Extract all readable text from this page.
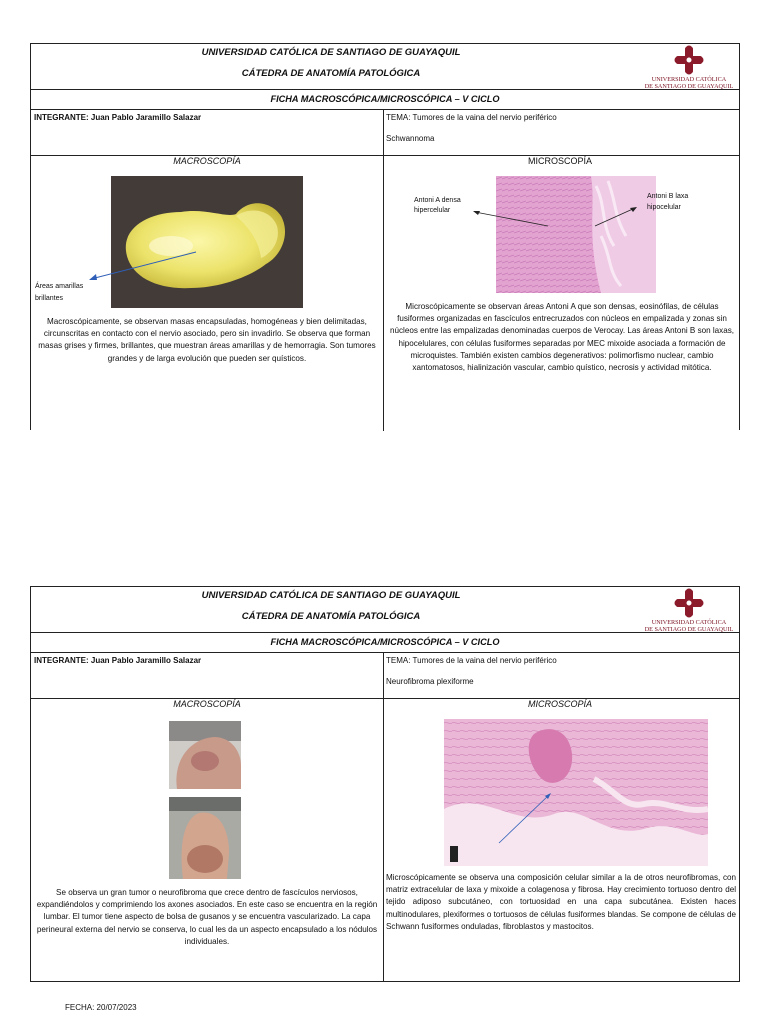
UNIVERSIDAD CATÓLICA DE SANTIAGO DE GUAYAQUIL
CÁTEDRA DE ANATOMÍA PATOLÓGICA
UNIVERSIDAD CATÓLICA
DE SANTIAGO DE GUAYAQUIL
FICHA MACROSCÓPICA/MICROSCÓPICA – V CICLO
INTEGRANTE: Juan Pablo Jaramillo Salazar	TEMA: Tumores de la vaina del nervio periférico
Schwannoma
MACROSCOPÍA	MICROSCOPÍA
Áreas amarillas
brillantes
Macroscópicamente, se observan masas encapsuladas, homogéneas y bien delimitadas, circunscritas en contacto con el nervio asociado, pero sin invadirlo. Se observa que forman masas grises y firmes, brillantes, que muestran áreas amarillas y de hemorragia. Son tumores grandes y de larga evolución que pueden ser quísticos.
Antoni A densa
hipercelular
Antoni B laxa
hipocelular
Microscópicamente se observan áreas Antoni A que son densas, eosinófilas, de células fusiformes organizadas en fascículos entrecruzados con núcleos en empalizada y zonas sin núcleos entre las empalizadas denominadas cuerpos de Verocay. Las áreas Antoni B son laxas, hipocelulares, con células fusiformes separadas por MEC mixoide asociada a formación de microquistes. También existen cambios degenerativos: polimorfismo nuclear, cambio xantomatosos, hialinización vascular, cambio quístico, necrosis y actividad mitótica.
UNIVERSIDAD CATÓLICA DE SANTIAGO DE GUAYAQUIL
CÁTEDRA DE ANATOMÍA PATOLÓGICA
UNIVERSIDAD CATÓLICA
DE SANTIAGO DE GUAYAQUIL
FICHA MACROSCÓPICA/MICROSCÓPICA – V CICLO
INTEGRANTE: Juan Pablo Jaramillo Salazar	TEMA: Tumores de la vaina del nervio periférico
Neurofibroma plexiforme
MACROSCOPÍA	MICROSCOPÍA
Se observa un gran tumor o neurofibroma que crece dentro de fascículos nerviosos, expandiéndolos y comprimiendo los axones asociados. En este caso se encuentra en la región lumbar. El tumor tiene aspecto de bolsa de gusanos y se encuentra vascularizado. La capa perineural externa del nervio se conserva, lo cual les da un aspecto encapsulado a los nódulos individuales.
Microscópicamente se observa una composición celular similar a la de otros neurofibromas, con matriz extracelular de laxa y mixoide a colagenosa y fibrosa. Hay crecimiento tortuoso dentro del tejido adiposo subcutáneo, con tortuosidad en una capa subcutánea. Existen haces multinodulares, plexiformes o tortuosos de células fusiformes blandas. Se compone de células de Schwann fusiformes onduladas, fibroblastos y mastocitos.
FECHA: 20/07/2023
